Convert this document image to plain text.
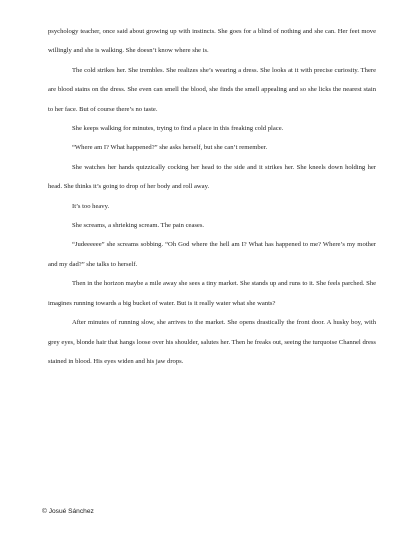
psychology teacher, once said about growing up with instincts. She goes for a blind of nothing and she can. Her feet move willingly and she is walking. She doesn’t know where she is.

The cold strikes her. She trembles. She realizes she’s wearing a dress. She looks at it with precise curiosity. There are blood stains on the dress. She even can smell the blood, she finds the smell appealing and so she licks the nearest stain to her face. But of course there’s no taste.

She keeps walking for minutes, trying to find a place in this freaking cold place.

“Where am I? What happened?” she asks herself, but she can’t remember.

She watches her hands quizzically cocking her head to the side and it strikes her. She kneels down holding her head. She thinks it’s going to drop of her body and roll away.

It’s too heavy.

She screams, a shrieking scream. The pain ceases.

“Judeeeeee” she screams sobbing. “Oh God where the hell am I? What has happened to me? Where’s my mother and my dad?” she talks to herself.

Then in the horizon maybe a mile away she sees a tiny market. She stands up and runs to it. She feels parched. She imagines running towards a big bucket of water. But is it really water what she wants?

After minutes of running slow, she arrives to the market. She opens drastically the front door. A husky boy, with grey eyes, blonde hair that hangs loose over his shoulder, salutes her. Then he freaks out, seeing the turquoise Channel dress stained in blood. His eyes widen and his jaw drops.

© Josué Sánchez
